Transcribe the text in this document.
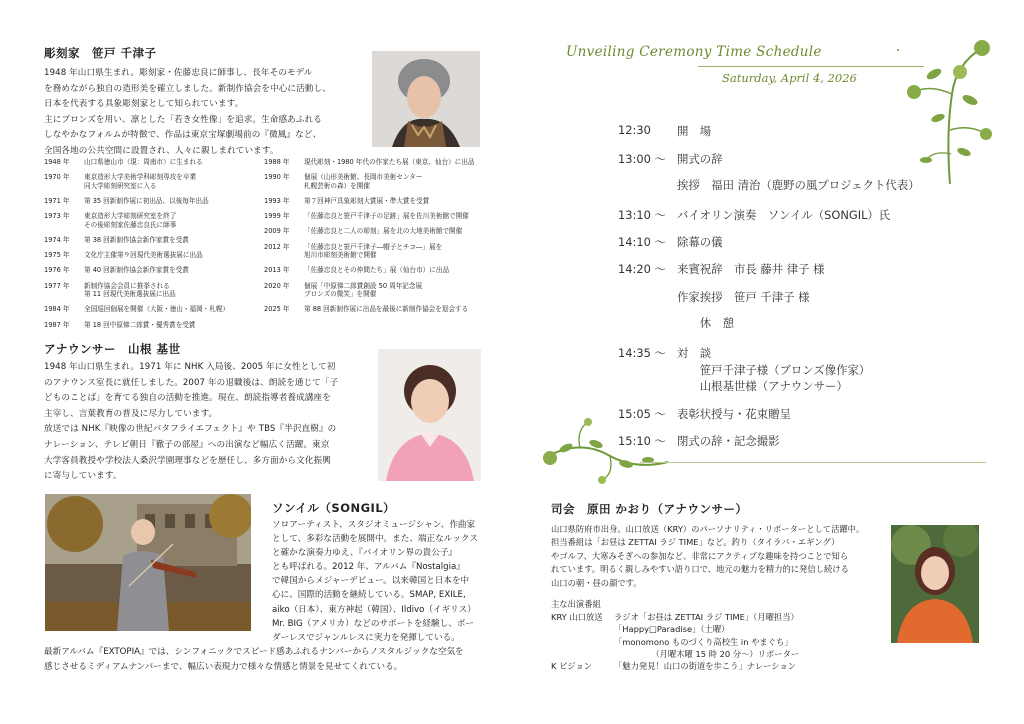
彫刻家　笹戸 千津子
1948 年山口県生まれ。彫刻家・佐藤忠良に師事し、長年そのモデル
を務めながら独自の造形美を確立しました。新制作協会を中心に活動し、
日本を代表する具象彫刻家として知られています。
主にブロンズを用い、凛とした「若き女性像」を追求。生命感あふれる
しなやかなフォルムが特徴で、作品は東京宝塚劇場前の『微風』など、
全国各地の公共空間に設置され、人々に親しまれています。
1948 年	山口県徳山市（現：周南市）に生まれる
1970 年	東京造形大学美術学科彫刻専攻を卒業
同大学彫刻研究室に入る
1971 年	第 35 回新制作展に初出品、以後毎年出品
1973 年	東京造形大学彫刻研究室を終了
その後彫刻家佐藤忠良氏に師事
1974 年	第 38 回新制作協会新作家賞を受賞
1975 年	文化庁主催第９回現代美術選抜展に出品
1976 年	第 40 回新制作協会新作家賞を受賞
1977 年	新制作協会会員に推挙される
第 11 回現代美術選抜展に出品
1984 年	全国巡回個展を開催（大阪・徳山・福岡・札幌）
1987 年	第 18 回中原悌二郎賞・優秀賞を受賞
1988 年	現代彫刻・1980 年代の作家たち展（東京、仙台）に出品
1990 年	個展（山形美術館、長岡市美術センター
札幌芸術の森）を開催
1993 年	第７回神戸具象彫刻大賞展・準大賞を受賞
1999 年	「佐藤忠良と笹戸千津子の足跡」展を佐川美術館で開催
2009 年	「佐藤忠良と二人の彫刻」展を北の大地美術館で開催
2012 年	「佐藤忠良と笹戸千津子―帽子とチコ―」展を
旭川市彫刻美術館で開催
2013 年	「佐藤忠良とその仲間たち」展（仙台市）に出品
2020 年	個展「中原悌二郎賞創設 50 周年記念展
ブロンズの微笑」を開催
2025 年	第 88 回新制作展に出品を最後に新制作協会を退会する
アナウンサー　山根 基世
1948 年山口県生まれ。1971 年に NHK 入局後、2005 年に女性として初
のアナウンス室長に就任しました。2007 年の退職後は、朗読を通じて「子
どものことば」を育てる独自の活動を推進。現在、朗読指導者養成講座を
主宰し、言葉教育の普及に尽力しています。
放送では NHK『映像の世紀バタフライエフェクト』や TBS『半沢直樹』の
ナレーション、テレビ朝日『徹子の部屋』への出演など幅広く活躍。東京
大学客員教授や学校法人桑沢学園理事などを歴任し、多方面から文化振興
に寄与しています。
ソンイル（SONGIL）
ソロアーティスト、スタジオミュージシャン、作曲家
として、多彩な活動を展開中。また、端正なルックス
と確かな演奏力ゆえ、『バイオリン界の貴公子』
とも呼ばれる。2012 年、アルバム『Nostalgia』
で韓国からメジャーデビュー。以来韓国と日本を中
心に、国際的活動を継続している。SMAP, EXILE,
aiko（日本）、東方神起（韓国）、Ildivo（イギリス）
Mr. BIG（アメリカ）などのサポートを経験し、ボー
ダーレスでジャンルレスに実力を発揮している。
最新アルバム『EXTOPIA』では、シンフォニックでスピード感あふれるナンバーからノスタルジックな空気を
感じさせるミディアムナンバーまで、幅広い表現力で様々な情感と情景を見せてくれている。
Unveiling Ceremony Time Schedule
Saturday, April 4, 2026
12:30 開　場
13:00 ～ 開式の辞
挨拶　福田 清治（鹿野の風プロジェクト代表）
13:10 ～ バイオリン演奏　ソンイル（SONGIL）氏
14:10 ～ 除幕の儀
14:20 ～ 来賓祝辞　市長 藤井 律子 様
作家挨拶　笹戸 千津子 様
　　休　憩
14:35 ～ 対　談
　　笹戸千津子様（ブロンズ像作家）
　　山根基世様（アナウンサー）
15:05 ～ 表彰状授与・花束贈呈
15:10 ～ 閉式の辞・記念撮影
司会　原田 かおり（アナウンサー）
山口県防府市出身。山口放送（KRY）のパーソナリティ・リポーターとして活躍中。
担当番組は「お昼は ZETTAI ラジ TIME」など。釣り（タイラバ・エギング）
やゴルフ、大寒みそぎへの参加など、非常にアクティブな趣味を持つことで知ら
れています。明るく親しみやすい語り口で、地元の魅力を精力的に発信し続ける
山口の朝・昼の顔です。
主な出演番組
KRY 山口放送	ラジオ「お昼は ZETTAI ラジ TIME」（月曜担当）
「Happy□Paradise」（土曜）
「monomono ものづくり高校生 in やまぐち」
　　　　　（月曜木曜 15 時 20 分～）リポーター
K ビジョン	「魅力発見！山口の街道を歩こう」ナレーション
